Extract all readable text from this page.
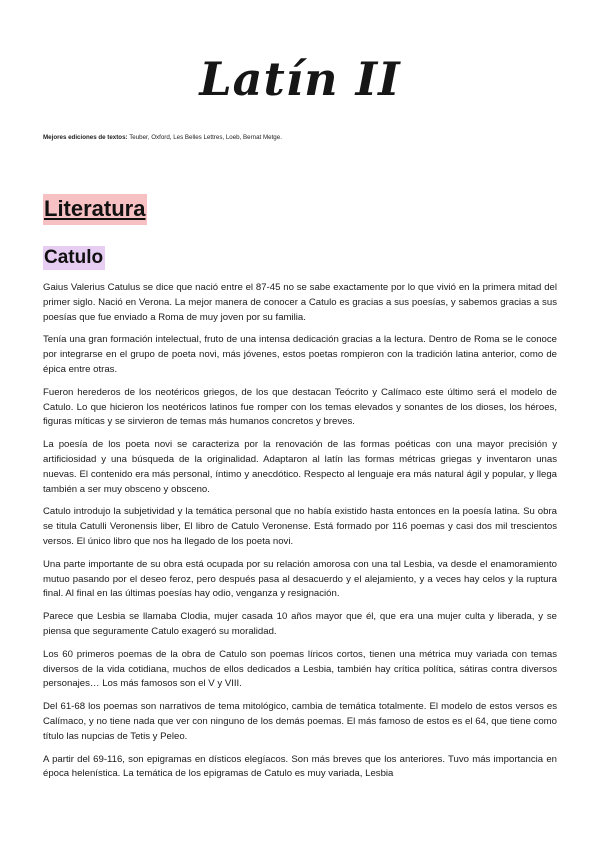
Latín II
Mejores ediciones de textos: Teuber, Oxford, Les Belles Lettres, Loeb, Bernat Metge.
Literatura
Catulo

Gaius Valerius Catulus se dice que nació entre el 87-45 no se sabe exactamente por lo que vivió en la primera mitad del primer siglo. Nació en Verona. La mejor manera de conocer a Catulo es gracias a sus poesías, y sabemos gracias a sus poesías que fue enviado a Roma de muy joven por su familia.

Tenía una gran formación intelectual, fruto de una intensa dedicación gracias a la lectura. Dentro de Roma se le conoce por integrarse en el grupo de poeta novi, más jóvenes, estos poetas rompieron con la tradición latina anterior, como de épica entre otras.

Fueron herederos de los neotéricos griegos, de los que destacan Teócrito y Calímaco este último será el modelo de Catulo. Lo que hicieron los neotéricos latinos fue romper con los temas elevados y sonantes de los dioses, los héroes, figuras míticas y se sirvieron de temas más humanos concretos y breves.

La poesía de los poeta novi se caracteriza por la renovación de las formas poéticas con una mayor precisión y artificiosidad y una búsqueda de la originalidad. Adaptaron al latín las formas métricas griegas y inventaron unas nuevas. El contenido era más personal, íntimo y anecdótico. Respecto al lenguaje era más natural ágil y popular, y llega también a ser muy obsceno y obsceno.

Catulo introdujo la subjetividad y la temática personal que no había existido hasta entonces en la poesía latina. Su obra se titula Catulli Veronensis liber, El libro de Catulo Veronense. Está formado por 116 poemas y casi dos mil trescientos versos. El único libro que nos ha llegado de los poeta novi.

Una parte importante de su obra está ocupada por su relación amorosa con una tal Lesbia, va desde el enamoramiento mutuo pasando por el deseo feroz, pero después pasa al desacuerdo y el alejamiento, y a veces hay celos y la ruptura final. Al final en las últimas poesías hay odio, venganza y resignación.

Parece que Lesbia se llamaba Clodia, mujer casada 10 años mayor que él, que era una mujer culta y liberada, y se piensa que seguramente Catulo exageró su moralidad.

Los 60 primeros poemas de la obra de Catulo son poemas líricos cortos, tienen una métrica muy variada con temas diversos de la vida cotidiana, muchos de ellos dedicados a Lesbia, también hay crítica política, sátiras contra diversos personajes… Los más famosos son el V y VIII.

Del 61-68 los poemas son narrativos de tema mitológico, cambia de temática totalmente. El modelo de estos versos es Calímaco, y no tiene nada que ver con ninguno de los demás poemas. El más famoso de estos es el 64, que tiene como título las nupcias de Tetis y Peleo.

A partir del 69-116, son epigramas en dísticos elegíacos. Son más breves que los anteriores. Tuvo más importancia en época helenística. La temática de los epigramas de Catulo es muy variada, Lesbia
